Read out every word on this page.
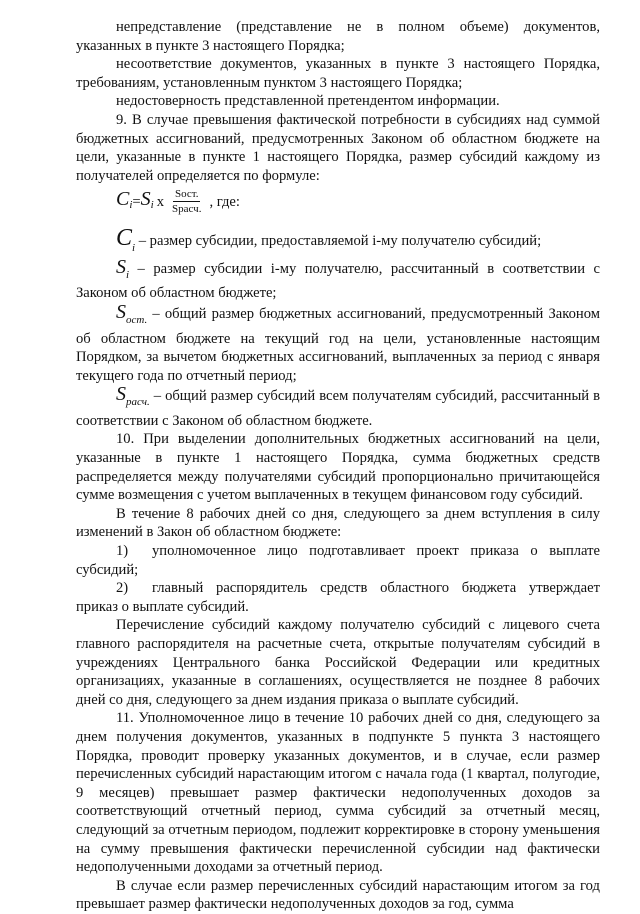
непредставление (представление не в полном объеме) документов, указанных в пункте 3 настоящего Порядка;

несоответствие документов, указанных в пункте 3 настоящего Порядка, требованиям, установленным пунктом 3 настоящего Порядка;

недостоверность представленной претендентом информации.

9. В случае превышения фактической потребности в субсидиях над суммой бюджетных ассигнований, предусмотренных Законом об областном бюджете на цели, указанные в пункте 1 настоящего Порядка, размер субсидий каждому из получателей определяется по формуле:

$C_i = S_i$ x $\frac{\text{Sост.}}{\text{Sрасч.}}$ , где:

$C_i$ – размер субсидии, предоставляемой i-му получателю субсидий;

$S_i$ – размер субсидии i-му получателю, рассчитанный в соответствии с Законом об областном бюджете;

$S_{ост.}$ – общий размер бюджетных ассигнований, предусмотренный Законом об областном бюджете на текущий год на цели, установленные настоящим Порядком, за вычетом бюджетных ассигнований, выплаченных за период с января текущего года по отчетный период;

$S_{расч.}$ – общий размер субсидий всем получателям субсидий, рассчитанный в соответствии с Законом об областном бюджете.

10. При выделении дополнительных бюджетных ассигнований на цели, указанные в пункте 1 настоящего Порядка, сумма бюджетных средств распределяется между получателями субсидий пропорционально причитающейся сумме возмещения с учетом выплаченных в текущем финансовом году субсидий.

В течение 8 рабочих дней со дня, следующего за днем вступления в силу изменений в Закон об областном бюджете:

1) уполномоченное лицо подготавливает проект приказа о выплате субсидий;

2) главный распорядитель средств областного бюджета утверждает приказ о выплате субсидий.

Перечисление субсидий каждому получателю субсидий с лицевого счета главного распорядителя на расчетные счета, открытые получателям субсидий в учреждениях Центрального банка Российской Федерации или кредитных организациях, указанные в соглашениях, осуществляется не позднее 8 рабочих дней со дня, следующего за днем издания приказа о выплате субсидий.

11. Уполномоченное лицо в течение 10 рабочих дней со дня, следующего за днем получения документов, указанных в подпункте 5 пункта 3 настоящего Порядка, проводит проверку указанных документов, и в случае, если размер перечисленных субсидий нарастающим итогом с начала года (1 квартал, полугодие, 9 месяцев) превышает размер фактически недополученных доходов за соответствующий отчетный период, сумма субсидий за отчетный месяц, следующий за отчетным периодом, подлежит корректировке в сторону уменьшения на сумму превышения фактически перечисленной субсидии над фактически недополученными доходами за отчетный период.

В случае если размер перечисленных субсидий нарастающим итогом за год превышает размер фактически недополученных доходов за год, сумма
